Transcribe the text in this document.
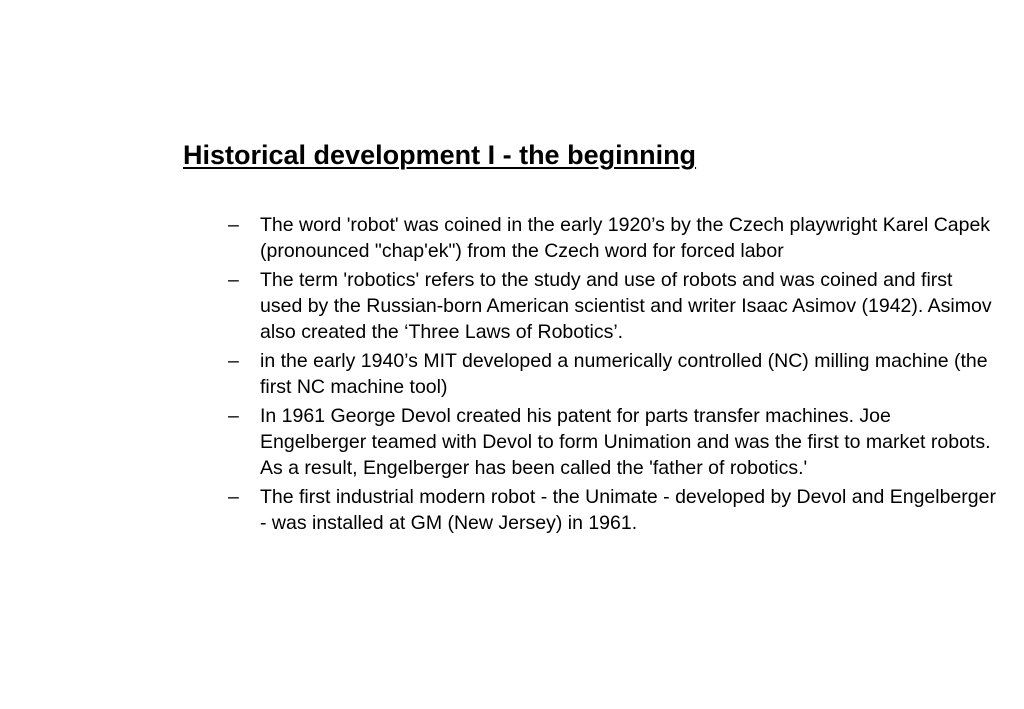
Historical development I - the beginning
– The word 'robot' was coined in the early 1920’s by the Czech playwright Karel Capek (pronounced "chap'ek") from the Czech word for forced labor
– The term 'robotics' refers to the study and use of robots and was coined and first used by the Russian-born American scientist and writer Isaac Asimov (1942). Asimov also created the ‘Three Laws of Robotics’.
– in the early 1940’s MIT developed a numerically controlled (NC) milling machine (the first NC machine tool)
– In 1961 George Devol created his patent for parts transfer machines. Joe Engelberger teamed with Devol to form Unimation and was the first to market robots. As a result, Engelberger has been called the 'father of robotics.'
– The first industrial modern robot - the Unimate - developed by Devol and Engelberger - was installed at GM (New Jersey) in 1961.
